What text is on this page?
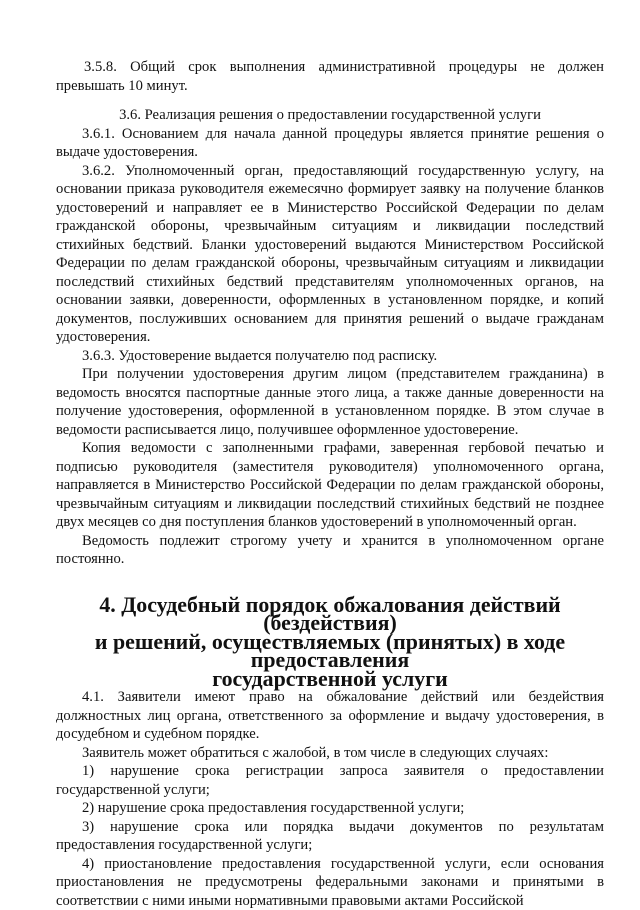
3.5.8. Общий срок выполнения административной процедуры не должен превышать 10 минут.

3.6. Реализация решения о предоставлении государственной услуги

3.6.1. Основанием для начала данной процедуры является принятие решения о выдаче удостоверения.

3.6.2. Уполномоченный орган, предоставляющий государственную услугу, на основании приказа руководителя ежемесячно формирует заявку на получение бланков удостоверений и направляет ее в Министерство Российской Федерации по делам гражданской обороны, чрезвычайным ситуациям и ликвидации последствий стихийных бедствий. Бланки удостоверений выдаются Министерством Российской Федерации по делам гражданской обороны, чрезвычайным ситуациям и ликвидации последствий стихийных бедствий представителям уполномоченных органов, на основании заявки, доверенности, оформленных в установленном порядке, и копий документов, послуживших основанием для принятия решений о выдаче гражданам удостоверения.

3.6.3. Удостоверение выдается получателю под расписку.

При получении удостоверения другим лицом (представителем гражданина) в ведомость вносятся паспортные данные этого лица, а также данные доверенности на получение удостоверения, оформленной в установленном порядке. В этом случае в ведомости расписывается лицо, получившее оформленное удостоверение.

Копия ведомости с заполненными графами, заверенная гербовой печатью и подписью руководителя (заместителя руководителя) уполномоченного органа, направляется в Министерство Российской Федерации по делам гражданской обороны, чрезвычайным ситуациям и ликвидации последствий стихийных бедствий не позднее двух месяцев со дня поступления бланков удостоверений в уполномоченный орган.

Ведомость подлежит строгому учету и хранится в уполномоченном органе постоянно.

4. Досудебный порядок обжалования действий (бездействия)
и решений, осуществляемых (принятых) в ходе предоставления
государственной услуги

4.1. Заявители имеют право на обжалование действий или бездействия должностных лиц органа, ответственного за оформление и выдачу удостоверения, в досудебном и судебном порядке.

Заявитель может обратиться с жалобой, в том числе в следующих случаях:

1) нарушение срока регистрации запроса заявителя о предоставлении государственной услуги;

2) нарушение срока предоставления государственной услуги;

3) нарушение срока или порядка выдачи документов по результатам предоставления государственной услуги;

4) приостановление предоставления государственной услуги, если основания приостановления не предусмотрены федеральными законами и принятыми в соответствии с ними иными нормативными правовыми актами Российской
